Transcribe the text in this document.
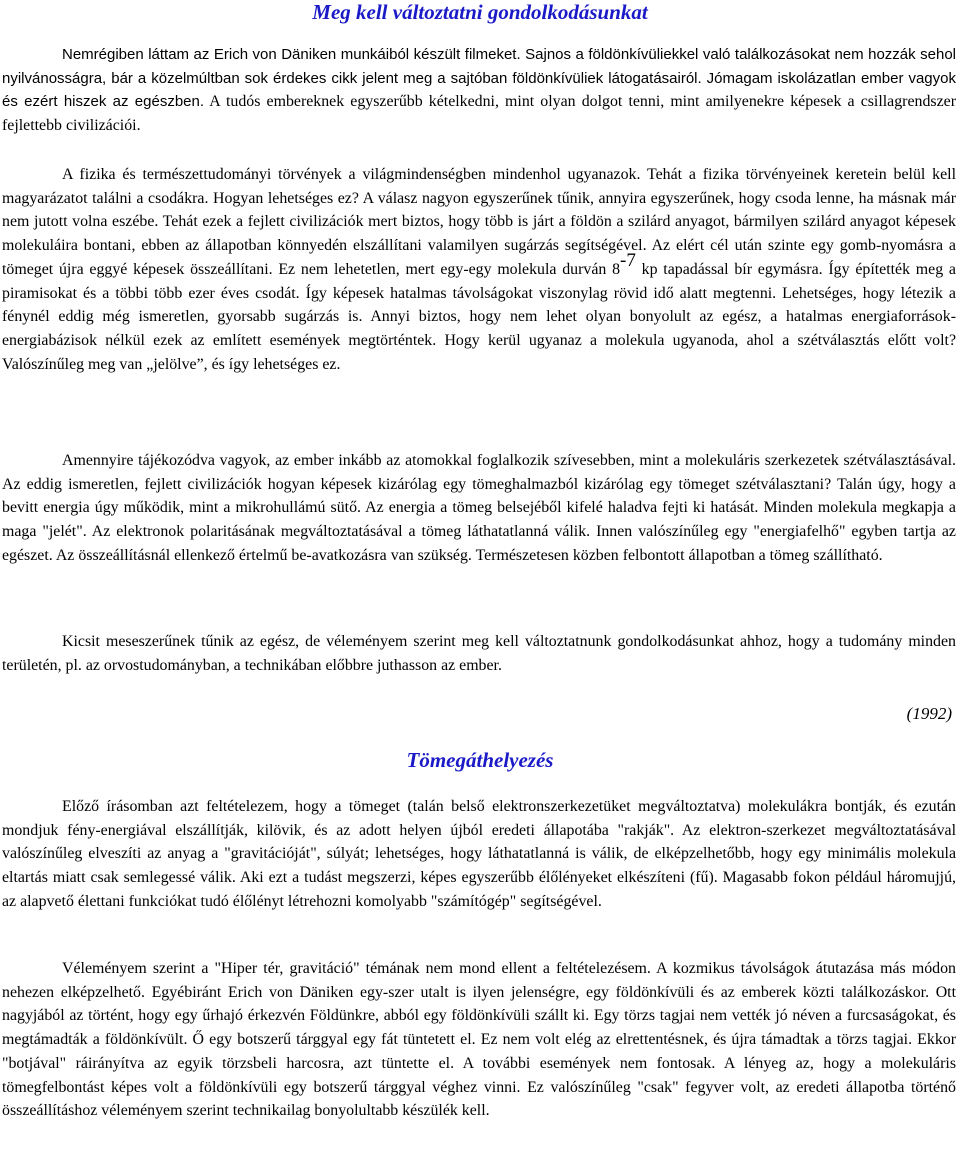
Meg kell változtatni gondolkodásunkat

Nemrégiben láttam az Erich von Däniken munkáiból készült filmeket. Sajnos a földönkívüliekkel való találkozásokat nem hozzák sehol nyilvánosságra, bár a közelmúltban sok érdekes cikk jelent meg a sajtóban földönkívüliek látogatásairól. Jómagam iskolázatlan ember vagyok és ezért hiszek az egészben. A tudós embereknek egyszerűbb kételkedni, mint olyan dolgot tenni, mint amilyenekre képesek a csillagrendszer fejlettebb civilizációi.

A fizika és természettudományi törvények a világmindenségben mindenhol ugyanazok. Tehát a fizika törvényeinek keretein belül kell magyarázatot találni a csodákra. Hogyan lehetséges ez? A válasz nagyon egyszerűnek tűnik, annyira egyszerűnek, hogy csoda lenne, ha másnak már nem jutott volna eszébe. Tehát ezek a fejlett civilizációk mert biztos, hogy több is járt a földön a szilárd anyagot, bármilyen szilárd anyagot képesek molekuláira bontani, ebben az állapotban könnyedén elszállítani valamilyen sugárzás segítségével. Az elért cél után szinte egy gomb-nyomásra a tömeget újra eggyé képesek összeállítani. Ez nem lehetetlen, mert egy-egy molekula durván $8^{-7}$ kp tapadással bír egymásra. Így építették meg a piramisokat és a többi több ezer éves csodát. Így képesek hatalmas távolságokat viszonylag rövid idő alatt megtenni. Lehetséges, hogy létezik a fénynél eddig még ismeretlen, gyorsabb sugárzás is. Annyi biztos, hogy nem lehet olyan bonyolult az egész, a hatalmas energiaforrások-energiabázisok nélkül ezek az említett események megtörténtek. Hogy kerül ugyanaz a molekula ugyanoda, ahol a szétválasztás előtt volt? Valószínűleg meg van „jelölve”, és így lehetséges ez.

Amennyire tájékozódva vagyok, az ember inkább az atomokkal foglalkozik szívesebben, mint a molekuláris szerkezetek szétválasztásával. Az eddig ismeretlen, fejlett civilizációk hogyan képesek kizárólag egy tömeghalmazból kizárólag egy tömeget szétválasztani? Talán úgy, hogy a bevitt energia úgy működik, mint a mikrohullámú sütő. Az energia a tömeg belsejéből kifelé haladva fejti ki hatását. Minden molekula megkapja a maga "jelét". Az elektronok polaritásának megváltoztatásával a tömeg láthatatlanná válik. Innen valószínűleg egy "energiafelhő" egyben tartja az egészet. Az összeállításnál ellenkező értelmű be-avatkozásra van szükség. Természetesen közben felbontott állapotban a tömeg szállítható.

Kicsit meseszerűnek tűnik az egész, de véleményem szerint meg kell változtatnunk gondolkodásunkat ahhoz, hogy a tudomány minden területén, pl. az orvostudományban, a technikában előbbre juthasson az ember.

(1992)
Tömegáthelyezés

Előző írásomban azt feltételezem, hogy a tömeget (talán belső elektronszerkezetüket megváltoztatva) molekulákra bontják, és ezután mondjuk fény-energiával elszállítják, kilövik, és az adott helyen újból eredeti állapotába "rakják". Az elektron-szerkezet megváltoztatásával valószínűleg elveszíti az anyag a "gravitációját", súlyát; lehetséges, hogy láthatatlanná is válik, de elképzelhetőbb, hogy egy minimális molekula eltartás miatt csak semlegessé válik. Aki ezt a tudást megszerzi, képes egyszerűbb élőlényeket elkészíteni (fű). Magasabb fokon például háromujjú, az alapvető élettani funkciókat tudó élőlényt létrehozni komolyabb "számítógép" segítségével.

Véleményem szerint a "Hiper tér, gravitáció" témának nem mond ellent a feltételezésem. A kozmikus távolságok átutazása más módon nehezen elképzelhető. Egyébiránt Erich von Däniken egy-szer utalt is ilyen jelenségre, egy földönkívüli és az emberek közti találkozáskor. Ott nagyjából az történt, hogy egy űrhajó érkezvén Földünkre, abból egy földönkívüli szállt ki. Egy törzs tagjai nem vették jó néven a furcsaságokat, és megtámadták a földönkívült. Ő egy botszerű tárggyal egy fát tüntetett el. Ez nem volt elég az elrettentésnek, és újra támadtak a törzs tagjai. Ekkor "botjával" ráirányítva az egyik törzsbeli harcosra, azt tüntette el. A további események nem fontosak. A lényeg az, hogy a molekuláris tömegfelbontást képes volt a földönkívüli egy botszerű tárggyal véghez vinni. Ez valószínűleg "csak" fegyver volt, az eredeti állapotba történő összeállításhoz véleményem szerint technikailag bonyolultabb készülék kell.
